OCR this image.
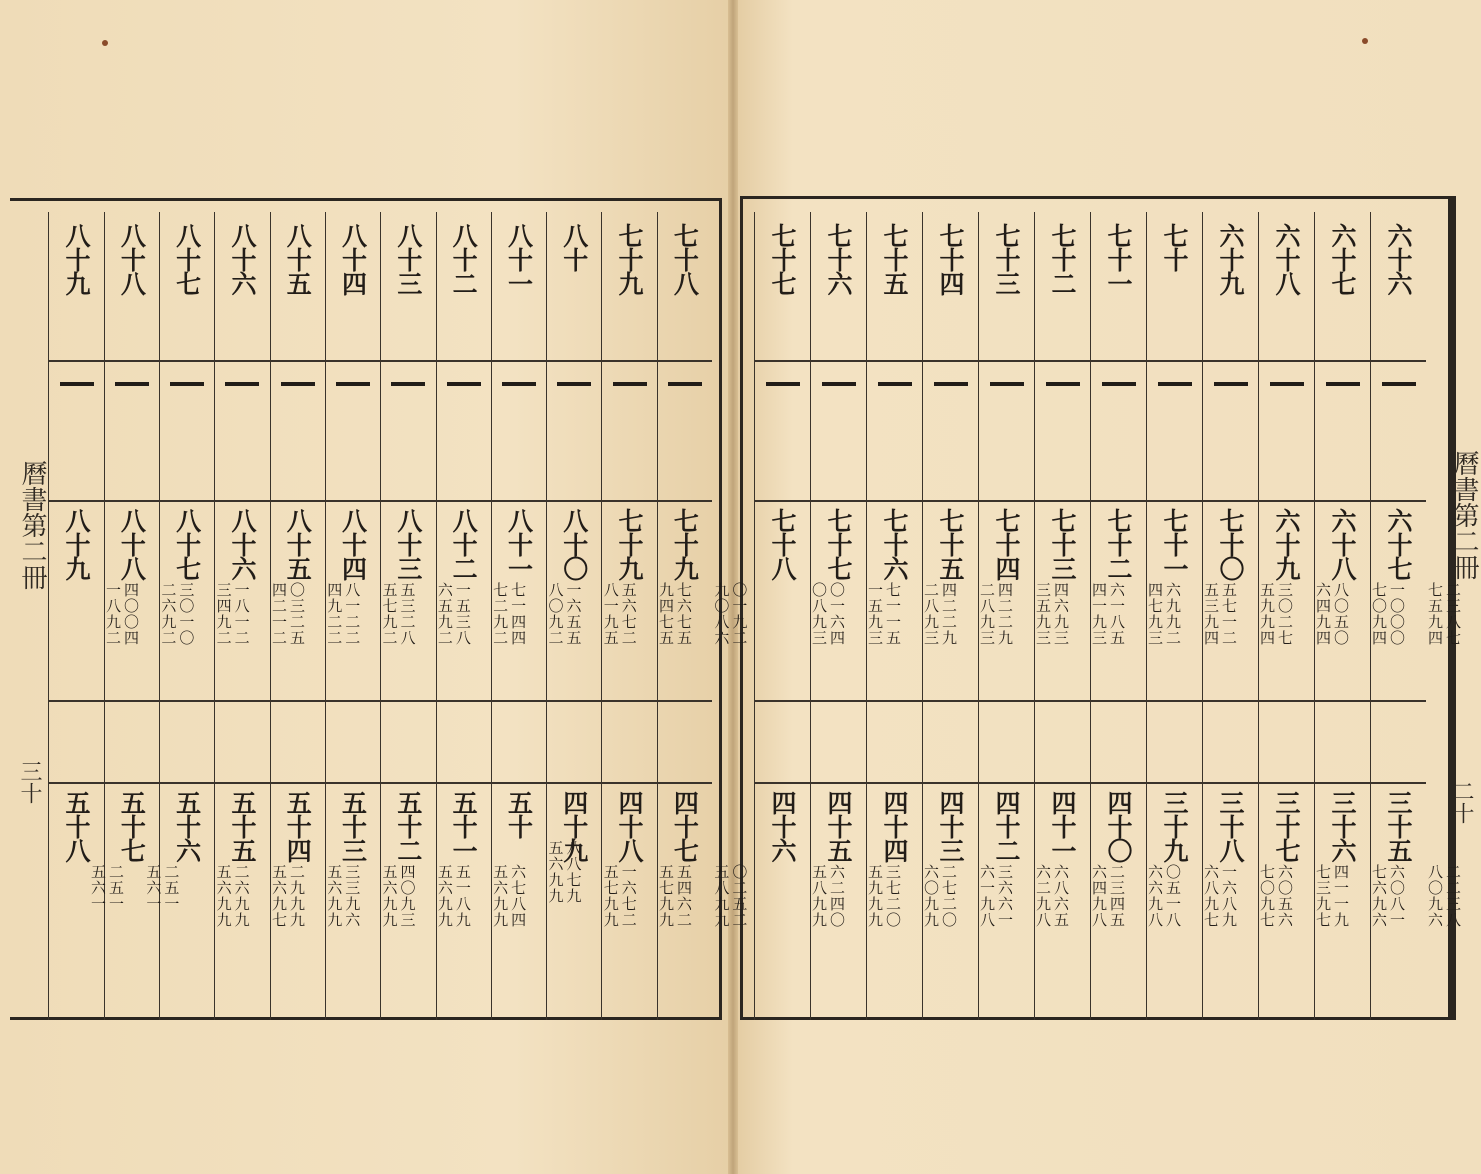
曆書第二冊
三十
曆書第二冊
二十
七十八
七十九
〇一九二
九〇八六
四十七
〇二五二
五八九九
七十九
七十九
七六七五
九四七五
四十八
五四六二
五七九九
八十
八十〇
五六七二
八一九五
四十九
一六七二
五七九九
八十一
八十一
一六五五
八〇九二
五十
八八七九
五六九九
八十二
八十二
七一四四
七二九二
五十一
六七八四
五六九九
八十三
八十三
一五三八
六五九二
五十二
五一八九
五六九九
八十四
八十四
五三二八
五七九二
五十三
四〇九三
五六九九
八十五
八十五
八一二二
四九二二
五十四
三三九六
五六九九
八十六
八十六
〇三二五
四二一二
五十五
二九九九
五六九七
八十七
八十七
一八一二
三四九二
五十六
二六九九
五六九九
八十八
八十八
三〇一〇
二六九二
五十七
二五一
五六一
八十九
八十九
四〇〇四
一八九二
五十八
二五一
五六一
六十六
六十七
二三八七
七五九四
三十五
二二三八
八〇九六
六十七
六十八
一〇〇〇
七〇九四
三十六
六〇八一
七六九六
六十八
六十九
八〇五〇
六四九四
三十七
四一一九
七三九七
六十九
七十〇
三〇二七
五九九四
三十八
六〇五六
七〇九七
七十
七十一
五七一二
五三九四
三十九
一六八九
六八九七
七十一
七十二
六九九二
四七九三
四十〇
〇五一八
六六九八
七十二
七十三
六一八五
四一九三
四十一
二三四五
六四九八
七十三
七十四
四六九三
三五九三
四十二
六八六五
六二九八
七十四
七十五
四二二九
二八九三
四十三
三六六一
六一九八
七十五
七十六
四二二九
二八九三
四十四
二七二〇
六〇九九
七十六
七十七
七一一五
一五九三
四十五
三七二〇
五九九九
七十七
七十八
〇一六四
〇八九三
四十六
六二四〇
五八九九
